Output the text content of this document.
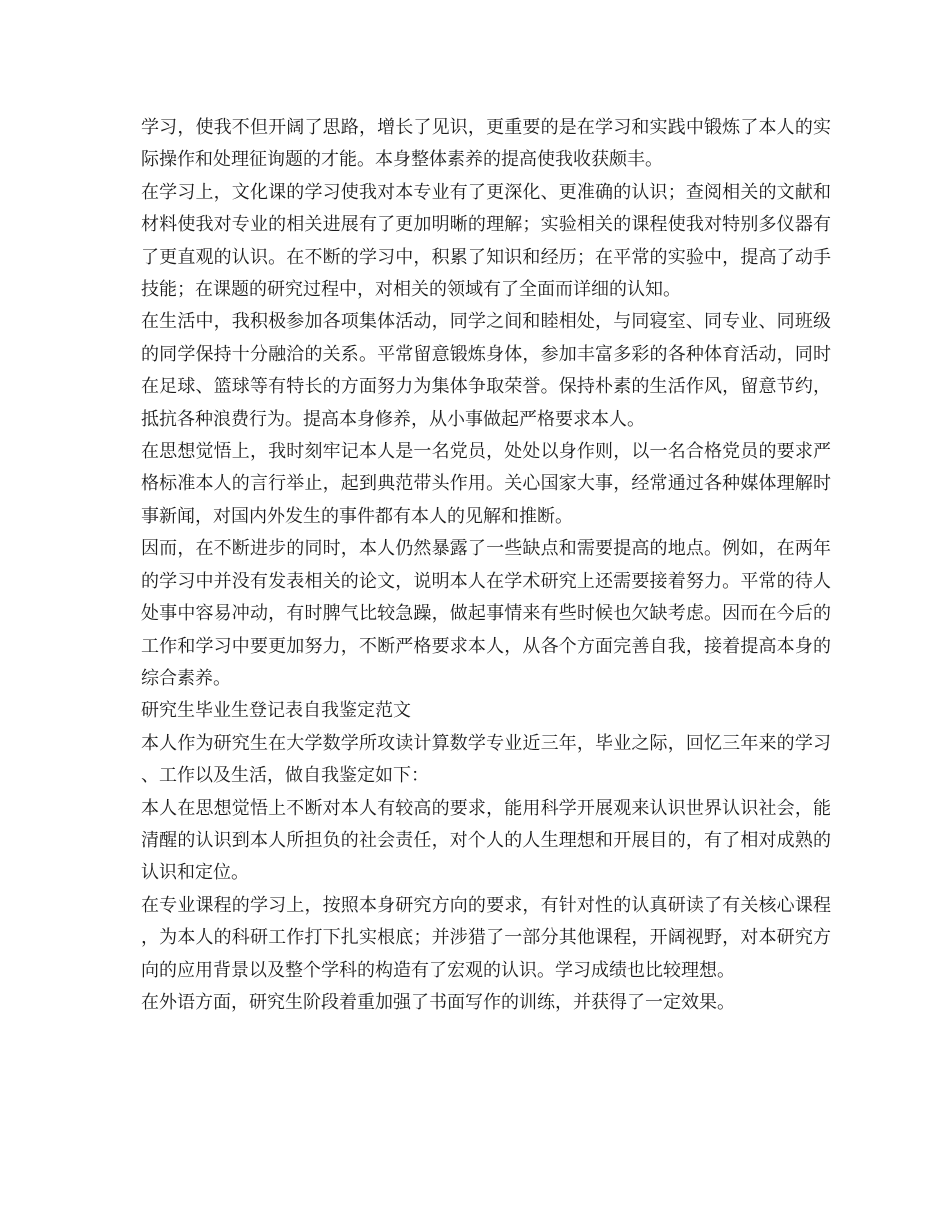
学习，使我不但开阔了思路，增长了见识，更重要的是在学习和实践中锻炼了本人的实际操作和处理征询题的才能。本身整体素养的提高使我收获颇丰。

在学习上，文化课的学习使我对本专业有了更深化、更准确的认识；查阅相关的文献和材料使我对专业的相关进展有了更加明晰的理解；实验相关的课程使我对特别多仪器有了更直观的认识。在不断的学习中，积累了知识和经历；在平常的实验中，提高了动手技能；在课题的研究过程中，对相关的领域有了全面而详细的认知。

在生活中，我积极参加各项集体活动，同学之间和睦相处，与同寝室、同专业、同班级的同学保持十分融洽的关系。平常留意锻炼身体，参加丰富多彩的各种体育活动，同时在足球、篮球等有特长的方面努力为集体争取荣誉。保持朴素的生活作风，留意节约，抵抗各种浪费行为。提高本身修养，从小事做起严格要求本人。

在思想觉悟上，我时刻牢记本人是一名党员，处处以身作则，以一名合格党员的要求严格标准本人的言行举止，起到典范带头作用。关心国家大事，经常通过各种媒体理解时事新闻，对国内外发生的事件都有本人的见解和推断。

因而，在不断进步的同时，本人仍然暴露了一些缺点和需要提高的地点。例如，在两年的学习中并没有发表相关的论文，说明本人在学术研究上还需要接着努力。平常的待人处事中容易冲动，有时脾气比较急躁，做起事情来有些时候也欠缺考虑。因而在今后的工作和学习中要更加努力，不断严格要求本人，从各个方面完善自我，接着提高本身的综合素养。

研究生毕业生登记表自我鉴定范文

本人作为研究生在大学数学所攻读计算数学专业近三年，毕业之际，回忆三年来的学习、工作以及生活，做自我鉴定如下：

本人在思想觉悟上不断对本人有较高的要求，能用科学开展观来认识世界认识社会，能清醒的认识到本人所担负的社会责任，对个人的人生理想和开展目的，有了相对成熟的认识和定位。

在专业课程的学习上，按照本身研究方向的要求，有针对性的认真研读了有关核心课程，为本人的科研工作打下扎实根底；并涉猎了一部分其他课程，开阔视野，对本研究方向的应用背景以及整个学科的构造有了宏观的认识。学习成绩也比较理想。

在外语方面，研究生阶段着重加强了书面写作的训练，并获得了一定效果。
